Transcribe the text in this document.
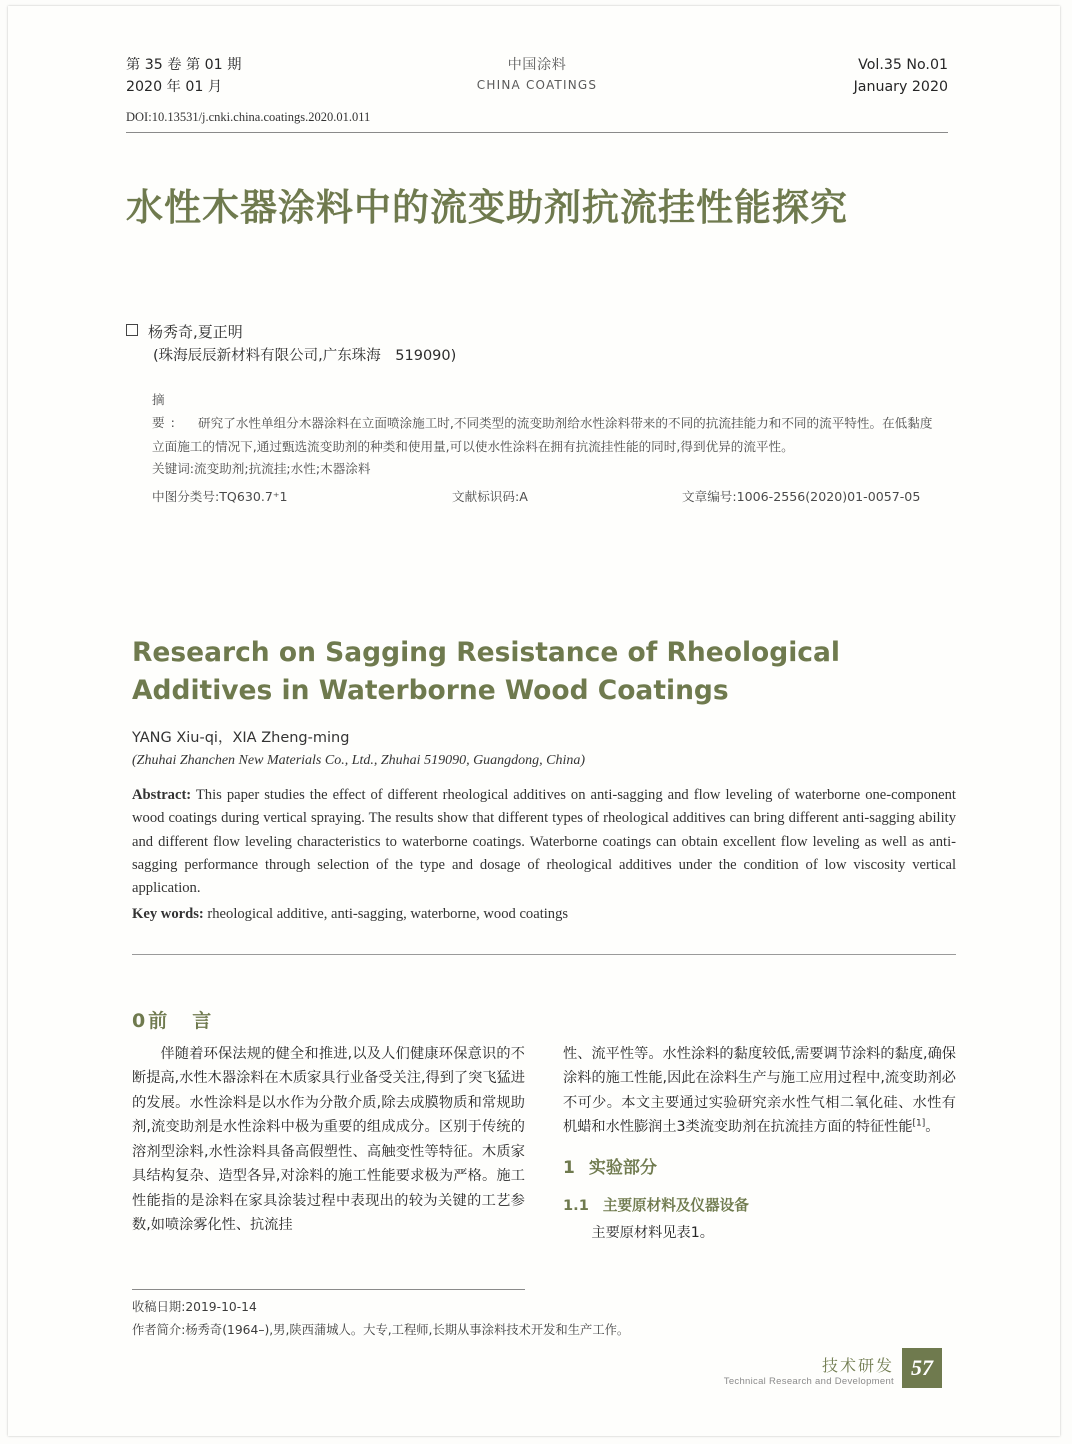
第 35 卷 第 01 期
2020 年 01 月
中国涂料
CHINA COATINGS
Vol.35 No.01
January 2020
DOI:10.13531/j.cnki.china.coatings.2020.01.011
水性木器涂料中的流变助剂抗流挂性能探究
杨秀奇,夏正明
(珠海辰辰新材料有限公司,广东珠海　519090)

摘　要: 研究了水性单组分木器涂料在立面喷涂施工时,不同类型的流变助剂给水性涂料带来的不同的抗流挂能力和不同的流平特性。在低黏度立面施工的情况下,通过甄选流变助剂的种类和使用量,可以使水性涂料在拥有抗流挂性能的同时,得到优异的流平性。

关键词:流变助剂;抗流挂;水性;木器涂料
中图分类号:TQ630.7⁺1	文献标识码:A	文章编号:1006-2556(2020)01-0057-05
Research on Sagging Resistance of Rheological Additives in Waterborne Wood Coatings
YANG Xiu-qi，XIA Zheng-ming
(Zhuhai Zhanchen New Materials Co., Ltd., Zhuhai 519090, Guangdong, China)
Abstract: This paper studies the effect of different rheological additives on anti-sagging and flow leveling of waterborne one-component wood coatings during vertical spraying. The results show that different types of rheological additives can bring different anti-sagging ability and different flow leveling characteristics to waterborne coatings. Waterborne coatings can obtain excellent flow leveling as well as anti-sagging performance through selection of the type and dosage of rheological additives under the condition of low viscosity vertical application.
Key words: rheological additive, anti-sagging, waterborne, wood coatings
0前　言

伴随着环保法规的健全和推进,以及人们健康环保意识的不断提高,水性木器涂料在木质家具行业备受关注,得到了突飞猛进的发展。水性涂料是以水作为分散介质,除去成膜物质和常规助剂,流变助剂是水性涂料中极为重要的组成成分。区别于传统的溶剂型涂料,水性涂料具备高假塑性、高触变性等特征。木质家具结构复杂、造型各异,对涂料的施工性能要求极为严格。施工性能指的是涂料在家具涂装过程中表现出的较为关键的工艺参数,如喷涂雾化性、抗流挂

性、流平性等。水性涂料的黏度较低,需要调节涂料的黏度,确保涂料的施工性能,因此在涂料生产与施工应用过程中,流变助剂必不可少。本文主要通过实验研究亲水性气相二氧化硅、水性有机蜡和水性膨润土3类流变助剂在抗流挂方面的特征性能[1]。

1 实验部分
1.1 主要原材料及仪器设备

主要原材料见表1。

收稿日期:2019-10-14
作者简介:杨秀奇(1964–),男,陕西蒲城人。大专,工程师,长期从事涂料技术开发和生产工作。
技术研发
Technical Research and Development
57
